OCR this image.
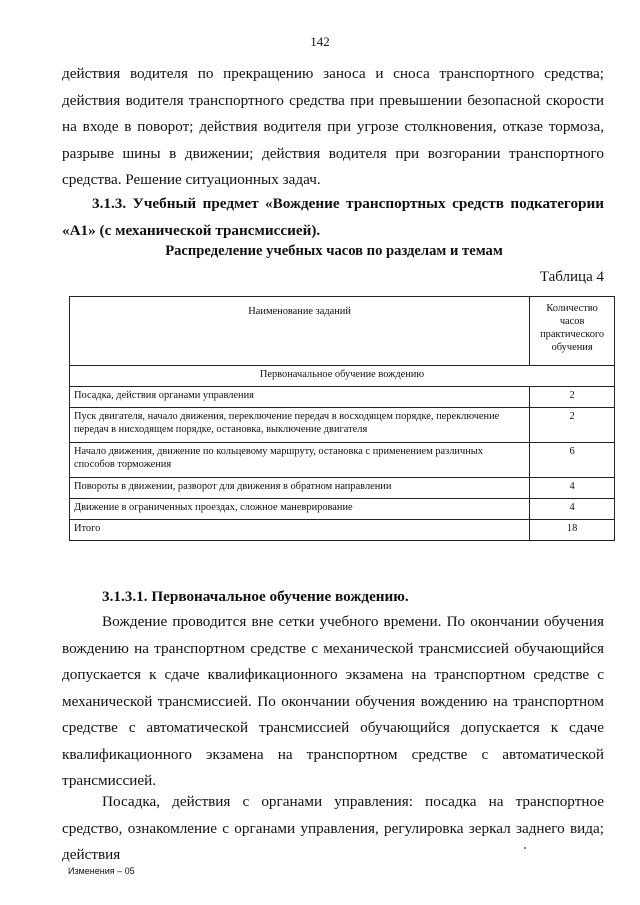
142
действия водителя по прекращению заноса и сноса транспортного средства; действия водителя транспортного средства при превышении безопасной скорости на входе в поворот; действия водителя при угрозе столкновения, отказе тормоза, разрыве шины в движении; действия водителя при возгорании транспортного средства. Решение ситуационных задач.
3.1.3. Учебный предмет «Вождение транспортных средств подкатегории «A1» (с механической трансмиссией).
Распределение учебных часов по разделам и темам
Таблица 4
Наименование заданий	Количество часов практического обучения
Первоначальное обучение вождению	
Посадка, действия органами управления	2
Пуск двигателя, начало движения, переключение передач в восходящем порядке, переключение передач в нисходящем порядке, остановка, выключение двигателя	2
Начало движения, движение по кольцевому маршруту, остановка с применением различных способов торможения	6
Повороты в движении, разворот для движения в обратном направлении	4
Движение в ограниченных проездах, сложное маневрирование	4
Итого	18
3.1.3.1. Первоначальное обучение вождению.
Вождение проводится вне сетки учебного времени. По окончании обучения вождению на транспортном средстве с механической трансмиссией обучающийся допускается к сдаче квалификационного экзамена на транспортном средстве с механической трансмиссией. По окончании обучения вождению на транспортном средстве с автоматической трансмиссией обучающийся допускается к сдаче квалификационного экзамена на транспортном средстве с автоматической трансмиссией.
Посадка, действия с органами управления: посадка на транспортное средство, ознакомление с органами управления, регулировка зеркал заднего вида; действия
Изменения – 05
